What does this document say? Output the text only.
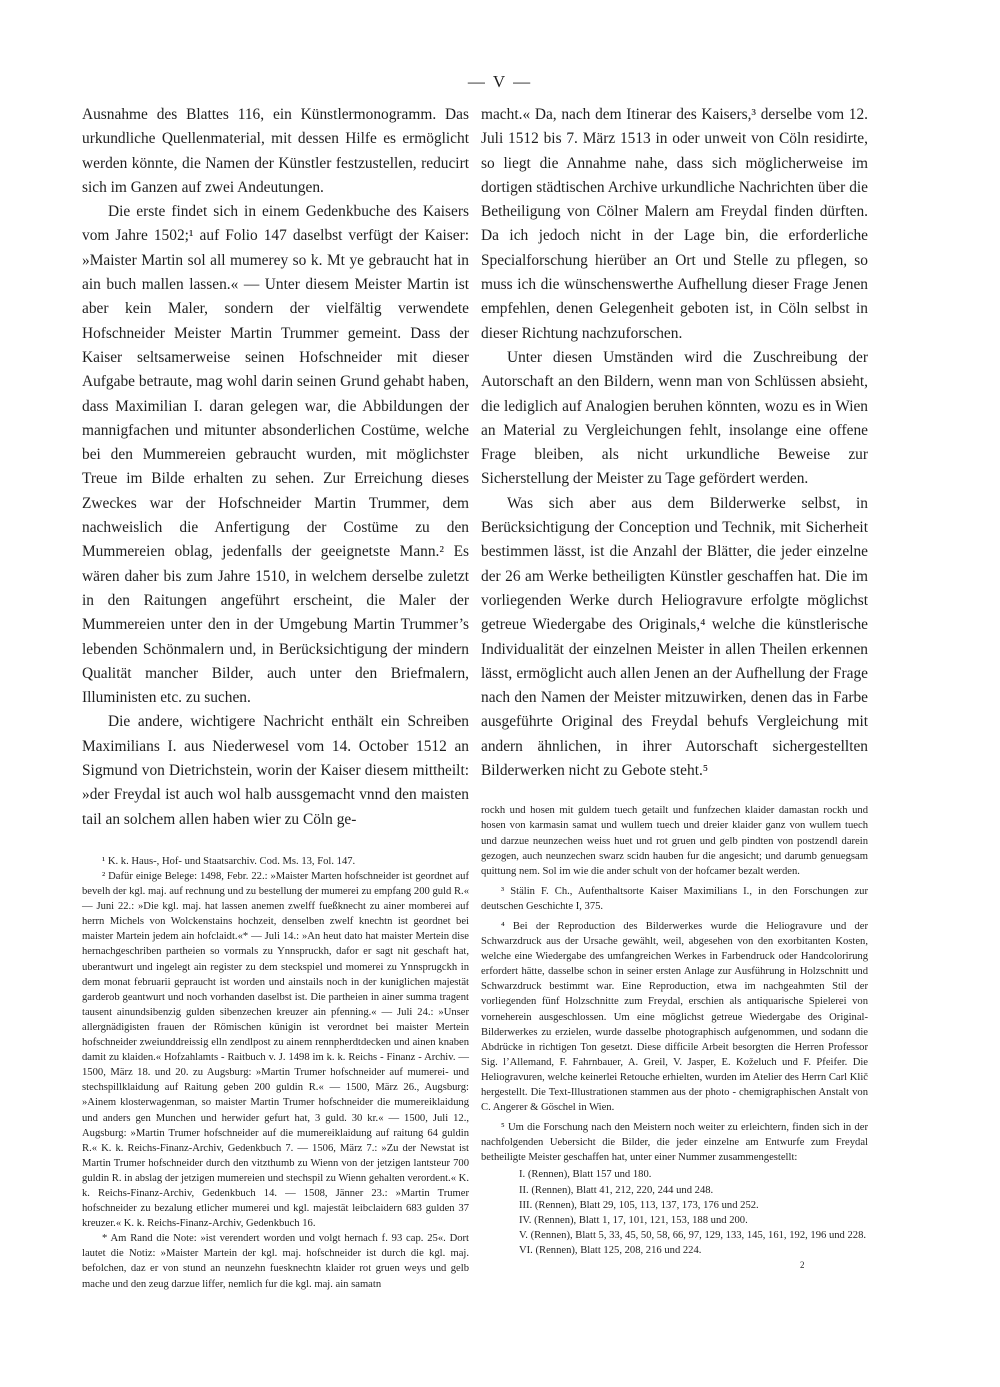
— V —

Ausnahme des Blattes 116, ein Künstlermonogramm. Das urkundliche Quellenmaterial, mit dessen Hilfe es ermöglicht werden könnte, die Namen der Künstler festzustellen, reducirt sich im Ganzen auf zwei Andeutungen.

Die erste findet sich in einem Gedenkbuche des Kaisers vom Jahre 1502;¹ auf Folio 147 daselbst verfügt der Kaiser: »Maister Martin sol all mumerey so k. Mt ye gebraucht hat in ain buch mallen lassen.« — Unter diesem Meister Martin ist aber kein Maler, sondern der vielfältig verwendete Hofschneider Meister Martin Trummer gemeint. Dass der Kaiser seltsamerweise seinen Hofschneider mit dieser Aufgabe betraute, mag wohl darin seinen Grund gehabt haben, dass Maximilian I. daran gelegen war, die Abbildungen der mannigfachen und mitunter absonderlichen Costüme, welche bei den Mummereien gebraucht wurden, mit möglichster Treue im Bilde erhalten zu sehen. Zur Erreichung dieses Zweckes war der Hofschneider Martin Trummer, dem nachweislich die Anfertigung der Costüme zu den Mummereien oblag, jedenfalls der geeignetste Mann.² Es wären daher bis zum Jahre 1510, in welchem derselbe zuletzt in den Raitungen angeführt erscheint, die Maler der Mummereien unter den in der Umgebung Martin Trummer’s lebenden Schönmalern und, in Berücksichtigung der mindern Qualität mancher Bilder, auch unter den Briefmalern, Illuministen etc. zu suchen.

Die andere, wichtigere Nachricht enthält ein Schreiben Maximilians I. aus Niederwesel vom 14. October 1512 an Sigmund von Dietrichstein, worin der Kaiser diesem mittheilt: »der Freydal ist auch wol halb aussgemacht vnnd den maisten tail an solchem allen haben wier zu Cöln ge-

¹ K. k. Haus-, Hof- und Staatsarchiv. Cod. Ms. 13, Fol. 147.

² Dafür einige Belege: 1498, Febr. 22.: »Maister Marten hofschneider ist geordnet auf bevelh der kgl. maj. auf rechnung und zu bestellung der mumerei zu empfang 200 guld R.« — Juni 22.: »Die kgl. maj. hat lassen anemen zwelff fueßknecht zu ainer momberei auf herrn Michels von Wolckenstains hochzeit, denselben zwelf knechtn ist geordnet bei maister Martein jedem ain hofclaidt.«* — Juli 14.: »An heut dato hat maister Mertein dise hernachgeschriben partheien so vormals zu Ynnspruckh, dafor er sagt nit geschaft hat, uberantwurt und ingelegt ain register zu dem steckspiel und momerei zu Ynnsprugckh in dem monat februarii gepraucht ist worden und ainstails noch in der kuniglichen majestät garderob geantwurt und noch vorhanden daselbst ist. Die partheien in ainer summa tragent tausent ainundsibenzig gulden sibenzechen kreuzer ain pfenning.« — Juli 24.: »Unser allergnädigisten frauen der Römischen künigin ist verordnet bei maister Mertein hofschneider zweiunddreissig elln zendlpost zu ainem rennpherdtdecken und ainen knaben damit zu klaiden.« Hofzahlamts - Raitbuch v. J. 1498 im k. k. Reichs - Finanz - Archiv. — 1500, März 18. und 20. zu Augsburg: »Martin Trumer hofschneider auf mumerei- und stechspillklaidung auf Raitung geben 200 guldin R.« — 1500, März 26., Augsburg: »Ainem klosterwagenman, so maister Martin Trumer hofschneider die mumereiklaidung und anders gen Munchen und herwider gefurt hat, 3 guld. 30 kr.« — 1500, Juli 12., Augsburg: »Martin Trumer hofschneider auf die mumereiklaidung auf raitung 64 guldin R.« K. k. Reichs-Finanz-Archiv, Gedenkbuch 7. — 1506, März 7.: »Zu der Newstat ist Martin Trumer hofschneider durch den vitzthumb zu Wienn von der jetzigen lantsteur 700 guldin R. in abslag der jetzigen mumereien und stechspil zu Wienn gehalten verordent.« K. k. Reichs-Finanz-Archiv, Gedenkbuch 14. — 1508, Jänner 23.: »Martin Trumer hofschneider zu bezalung etlicher mumerei und kgl. majestät leibclaidern 683 gulden 37 kreuzer.« K. k. Reichs-Finanz-Archiv, Gedenkbuch 16.

* Am Rand die Note: »ist verendert worden und volgt hernach f. 93 cap. 25«. Dort lautet die Notiz: »Maister Martein der kgl. maj. hofschneider ist durch die kgl. maj. befolchen, daz er von stund an neunzehn fuesknechtn klaider rot gruen weys und gelb mache und den zeug darzue liffer, nemlich fur die kgl. maj. ain samatn

macht.« Da, nach dem Itinerar des Kaisers,³ derselbe vom 12. Juli 1512 bis 7. März 1513 in oder unweit von Cöln residirte, so liegt die Annahme nahe, dass sich möglicherweise im dortigen städtischen Archive urkundliche Nachrichten über die Betheiligung von Cölner Malern am Freydal finden dürften. Da ich jedoch nicht in der Lage bin, die erforderliche Specialforschung hierüber an Ort und Stelle zu pflegen, so muss ich die wünschenswerthe Aufhellung dieser Frage Jenen empfehlen, denen Gelegenheit geboten ist, in Cöln selbst in dieser Richtung nachzuforschen.

Unter diesen Umständen wird die Zuschreibung der Autorschaft an den Bildern, wenn man von Schlüssen absieht, die lediglich auf Analogien beruhen könnten, wozu es in Wien an Material zu Vergleichungen fehlt, insolange eine offene Frage bleiben, als nicht urkundliche Beweise zur Sicherstellung der Meister zu Tage gefördert werden.

Was sich aber aus dem Bilderwerke selbst, in Berücksichtigung der Conception und Technik, mit Sicherheit bestimmen lässt, ist die Anzahl der Blätter, die jeder einzelne der 26 am Werke betheiligten Künstler geschaffen hat. Die im vorliegenden Werke durch Heliogravure erfolgte möglichst getreue Wiedergabe des Originals,⁴ welche die künstlerische Individualität der einzelnen Meister in allen Theilen erkennen lässt, ermöglicht auch allen Jenen an der Aufhellung der Frage nach den Namen der Meister mitzuwirken, denen das in Farbe ausgeführte Original des Freydal behufs Vergleichung mit andern ähnlichen, in ihrer Autorschaft sichergestellten Bilderwerken nicht zu Gebote steht.⁵

rockh und hosen mit guldem tuech getailt und funfzechen klaider damastan rockh und hosen von karmasin samat und wullem tuech und dreier klaider ganz von wullem tuech und darzue neunzechen weiss huet und rot gruen und gelb pindten von postzendl darein gezogen, auch neunzechen swarz scidn hauben fur die angesicht; und darumb genuegsam quittung nem. Sol im wie die ander schult von der hofcamer bezalt werden.

³ Stälin F. Ch., Aufenthaltsorte Kaiser Maximilians I., in den Forschungen zur deutschen Geschichte I, 375.

⁴ Bei der Reproduction des Bilderwerkes wurde die Heliogravure und der Schwarzdruck aus der Ursache gewählt, weil, abgesehen von den exorbitanten Kosten, welche eine Wiedergabe des umfangreichen Werkes in Farbendruck oder Handcolorirung erfordert hätte, dasselbe schon in seiner ersten Anlage zur Ausführung in Holzschnitt und Schwarzdruck bestimmt war. Eine Reproduction, etwa im nachgeahmten Stil der vorliegenden fünf Holzschnitte zum Freydal, erschien als antiquarische Spielerei von vorneherein ausgeschlossen. Um eine möglichst getreue Wiedergabe des Original-Bilderwerkes zu erzielen, wurde dasselbe photographisch aufgenommen, und sodann die Abdrücke in richtigen Ton gesetzt. Diese difficile Arbeit besorgten die Herren Professor Sig. l’Allemand, F. Fahrnbauer, A. Greil, V. Jasper, E. Koželuch und F. Pfeifer. Die Heliogravuren, welche keinerlei Retouche erhielten, wurden im Atelier des Herrn Carl Klič hergestellt. Die Text-Illustrationen stammen aus der photo - chemigraphischen Anstalt von C. Angerer & Göschel in Wien.

⁵ Um die Forschung nach den Meistern noch weiter zu erleichtern, finden sich in der nachfolgenden Uebersicht die Bilder, die jeder einzelne am Entwurfe zum Freydal betheiligte Meister geschaffen hat, unter einer Nummer zusammengestellt:

I. (Rennen), Blatt 157 und 180.
II. (Rennen), Blatt 41, 212, 220, 244 und 248.
III. (Rennen), Blatt 29, 105, 113, 137, 173, 176 und 252.
IV. (Rennen), Blatt 1, 17, 101, 121, 153, 188 und 200.
V. (Rennen), Blatt 5, 33, 45, 50, 58, 66, 97, 129, 133, 145, 161, 192, 196 und 228.
VI. (Rennen), Blatt 125, 208, 216 und 224.
2
